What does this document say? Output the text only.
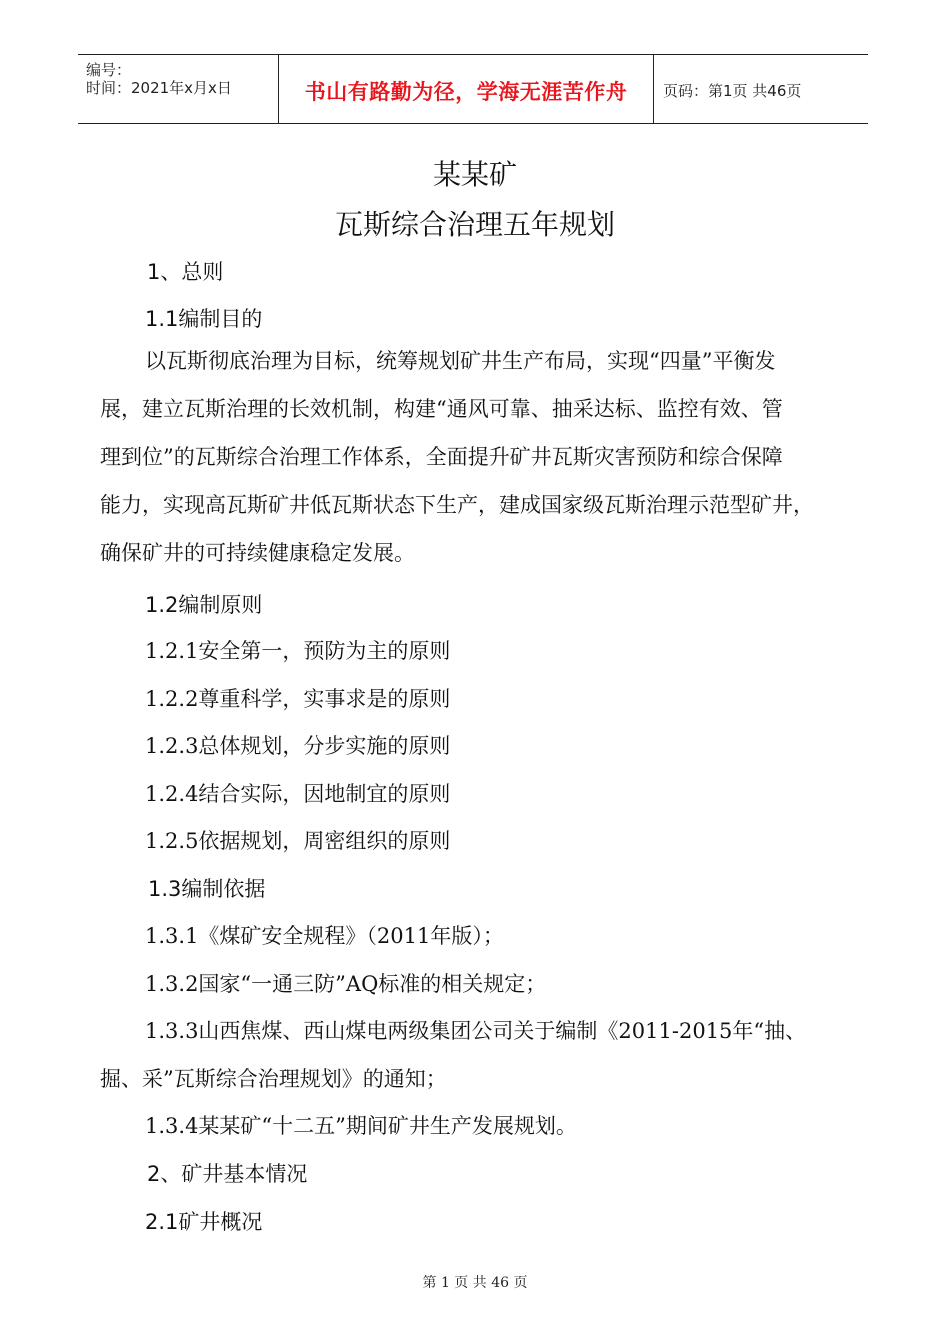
编号：
时间：2021年x月x日	书山有路勤为径，学海无涯苦作舟	页码：第1页 共46页
某某矿
瓦斯综合治理五年规划
1、总则
1.1编制目的
以瓦斯彻底治理为目标，统筹规划矿井生产布局，实现“四量”平衡发
展，建立瓦斯治理的长效机制，构建“通风可靠、抽采达标、监控有效、管
理到位”的瓦斯综合治理工作体系，全面提升矿井瓦斯灾害预防和综合保障
能力，实现高瓦斯矿井低瓦斯状态下生产，建成国家级瓦斯治理示范型矿井，
确保矿井的可持续健康稳定发展。
1.2编制原则
1.2.1安全第一，预防为主的原则
1.2.2尊重科学，实事求是的原则
1.2.3总体规划，分步实施的原则
1.2.4结合实际，因地制宜的原则
1.2.5依据规划，周密组织的原则
1.3编制依据
1.3.1《煤矿安全规程》（2011年版）；
1.3.2国家“一通三防”AQ标准的相关规定；
1.3.3山西焦煤、西山煤电两级集团公司关于编制《2011-2015年“抽、
掘、采”瓦斯综合治理规划》的通知；
1.3.4某某矿“十二五”期间矿井生产发展规划。
2、矿井基本情况
2.1矿井概况
第 1 页 共 46 页
